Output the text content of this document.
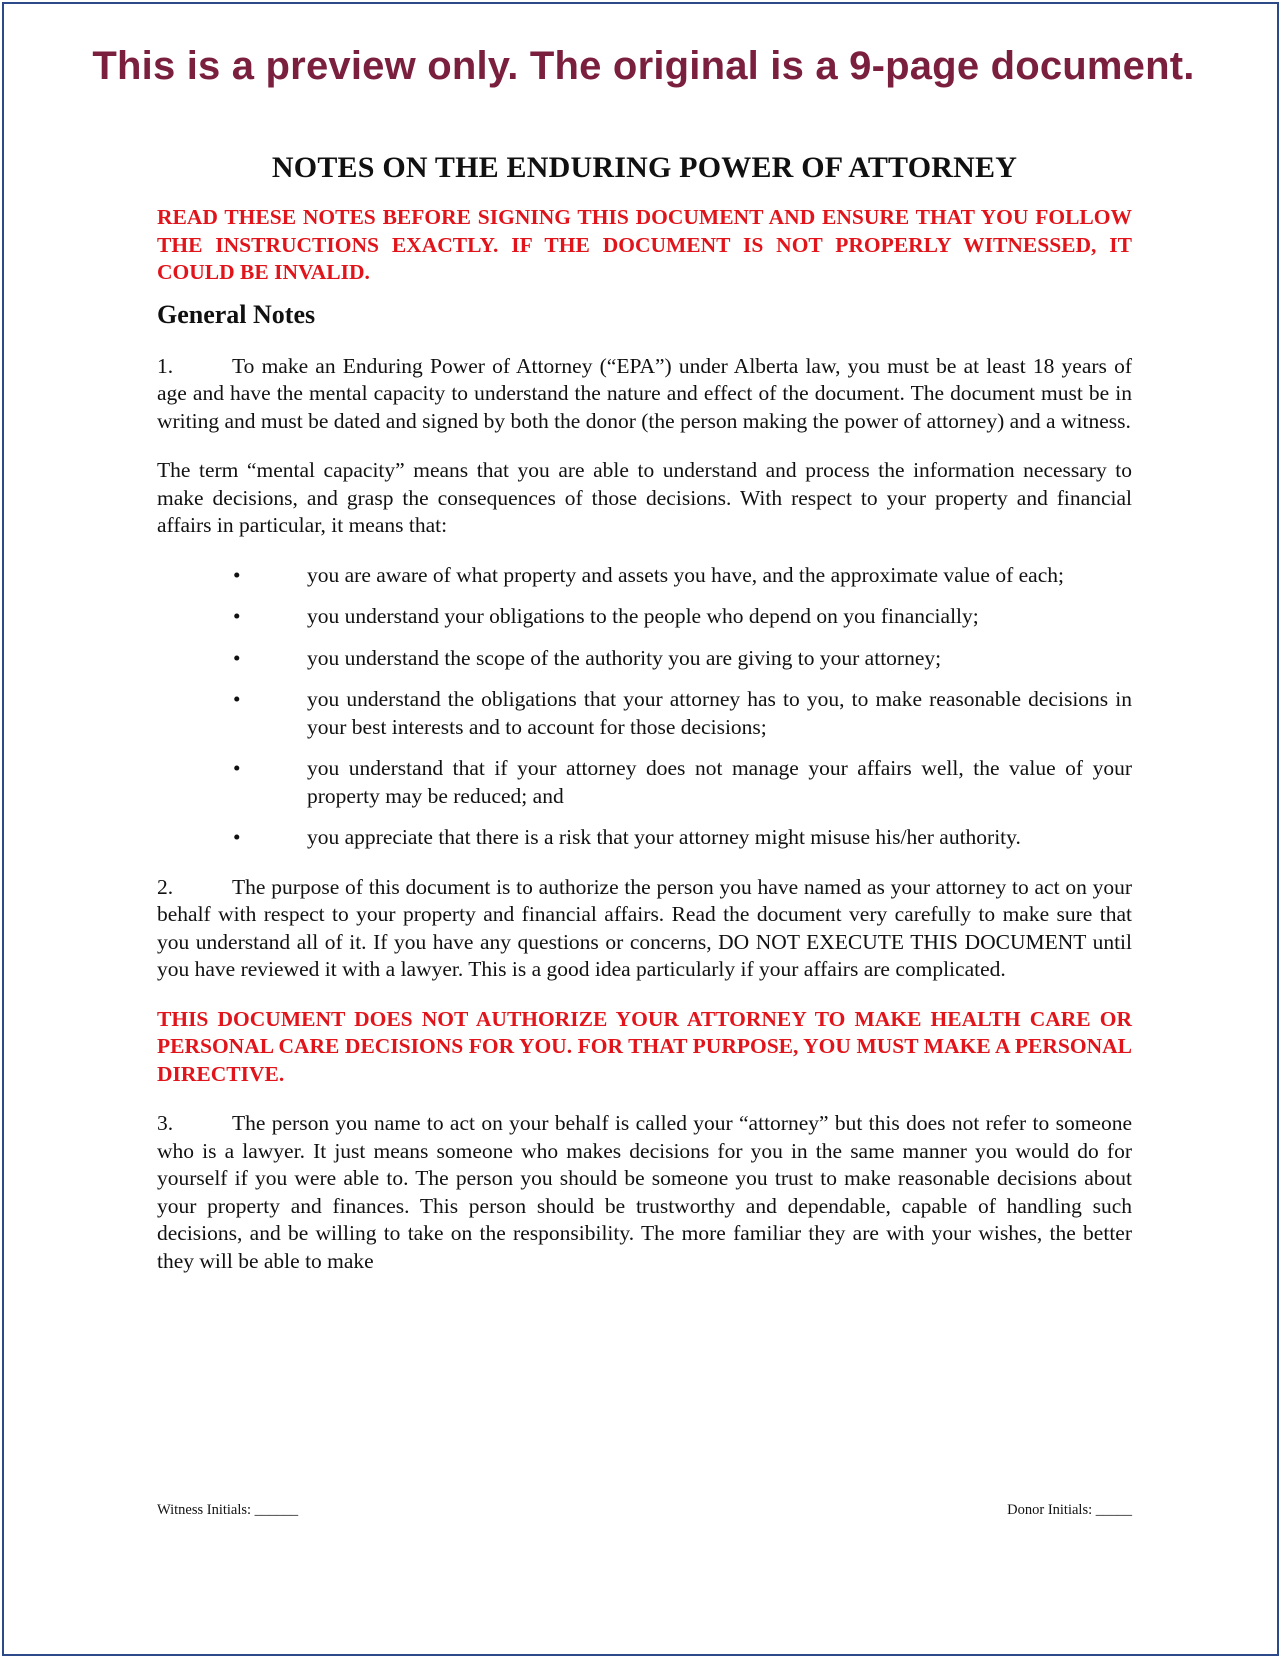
This is a preview only. The original is a 9-page document.
NOTES ON THE ENDURING POWER OF ATTORNEY

READ THESE NOTES BEFORE SIGNING THIS DOCUMENT AND ENSURE THAT YOU FOLLOW THE INSTRUCTIONS EXACTLY. IF THE DOCUMENT IS NOT PROPERLY WITNESSED, IT COULD BE INVALID.

General Notes

1.	To make an Enduring Power of Attorney (“EPA”) under Alberta law, you must be at least 18 years of age and have the mental capacity to understand the nature and effect of the document. The document must be in writing and must be dated and signed by both the donor (the person making the power of attorney) and a witness.

The term “mental capacity” means that you are able to understand and process the information necessary to make decisions, and grasp the consequences of those decisions. With respect to your property and financial affairs in particular, it means that:

•	you are aware of what property and assets you have, and the approximate value of each;
•	you understand your obligations to the people who depend on you financially;
•	you understand the scope of the authority you are giving to your attorney;
•	you understand the obligations that your attorney has to you, to make reasonable decisions in your best interests and to account for those decisions;
•	you understand that if your attorney does not manage your affairs well, the value of your property may be reduced; and
•	you appreciate that there is a risk that your attorney might misuse his/her authority.

2.	The purpose of this document is to authorize the person you have named as your attorney to act on your behalf with respect to your property and financial affairs. Read the document very carefully to make sure that you understand all of it. If you have any questions or concerns, DO NOT EXECUTE THIS DOCUMENT until you have reviewed it with a lawyer. This is a good idea particularly if your affairs are complicated.

THIS DOCUMENT DOES NOT AUTHORIZE YOUR ATTORNEY TO MAKE HEALTH CARE OR PERSONAL CARE DECISIONS FOR YOU. FOR THAT PURPOSE, YOU MUST MAKE A PERSONAL DIRECTIVE.

3.	The person you name to act on your behalf is called your “attorney” but this does not refer to someone who is a lawyer. It just means someone who makes decisions for you in the same manner you would do for yourself if you were able to. The person you should be someone you trust to make reasonable decisions about your property and finances. This person should be trustworthy and dependable, capable of handling such decisions, and be willing to take on the responsibility. The more familiar they are with your wishes, the better they will be able to make

Witness Initials: ______	Donor Initials: _____
